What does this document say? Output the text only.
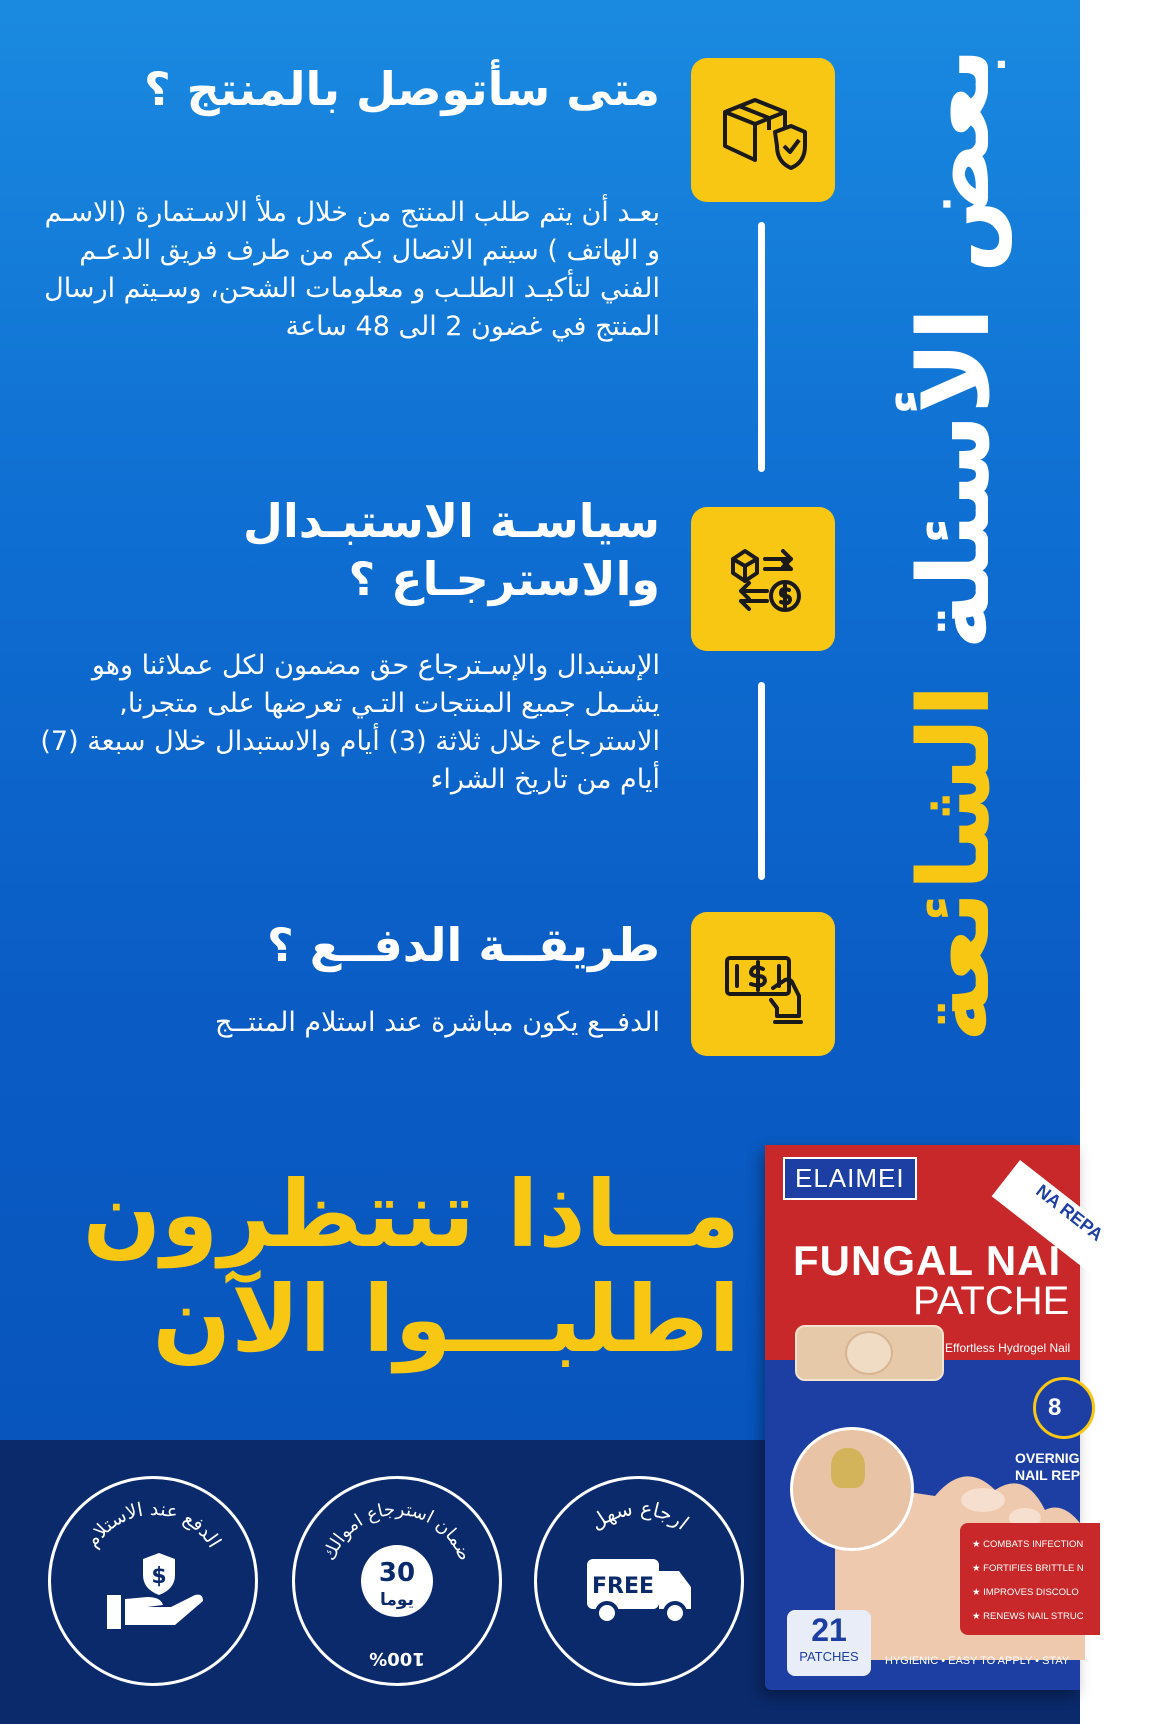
بعض الأسئلة الشائعة
متى سأتوصل بالمنتج ؟
بعـد أن يتم طلب المنتج من خلال ملأ الاسـتمارة (الاسـم و الهاتف ) سيتم الاتصال بكم من طرف فريق الدعـم الفني لتأكيـد الطلـب و معلومات الشحن، وسـيتم ارسال المنتج في غضون 2 الى 48 ساعة
سياسـة الاستبـدال والاسترجـاع ؟
الإستبدال والإسـترجاع حق مضمون لكل عملائنا وهو يشـمل جميع المنتجات التـي تعرضها على متجرنا, الاسترجاع خلال ثلاثة (3) أيام والاستبدال خلال سبعة (7) أيام من تاريخ الشراء
طريقــة الدفــع ؟
الدفــع يكون مباشرة عند استلام المنتــج
مــاذا تنتظرون
اطلبـــوا الآن
الدفع عند الاستلام
$
ضمان استرجاع اموالك
30
يوما
100%
ارجاع سهل
FREE
ELAIMEI
NA REPA
FUNGAL NAI
PATCHE
Effortless Hydrogel Nail
8
OVERNIG
NAIL REP
★ COMBATS INFECTION
★ FORTIFIES BRITTLE N
★ IMPROVES DISCOLO
★ RENEWS NAIL STRUC
21
PATCHES	HYGIENIC • EASY TO APPLY • STAY
